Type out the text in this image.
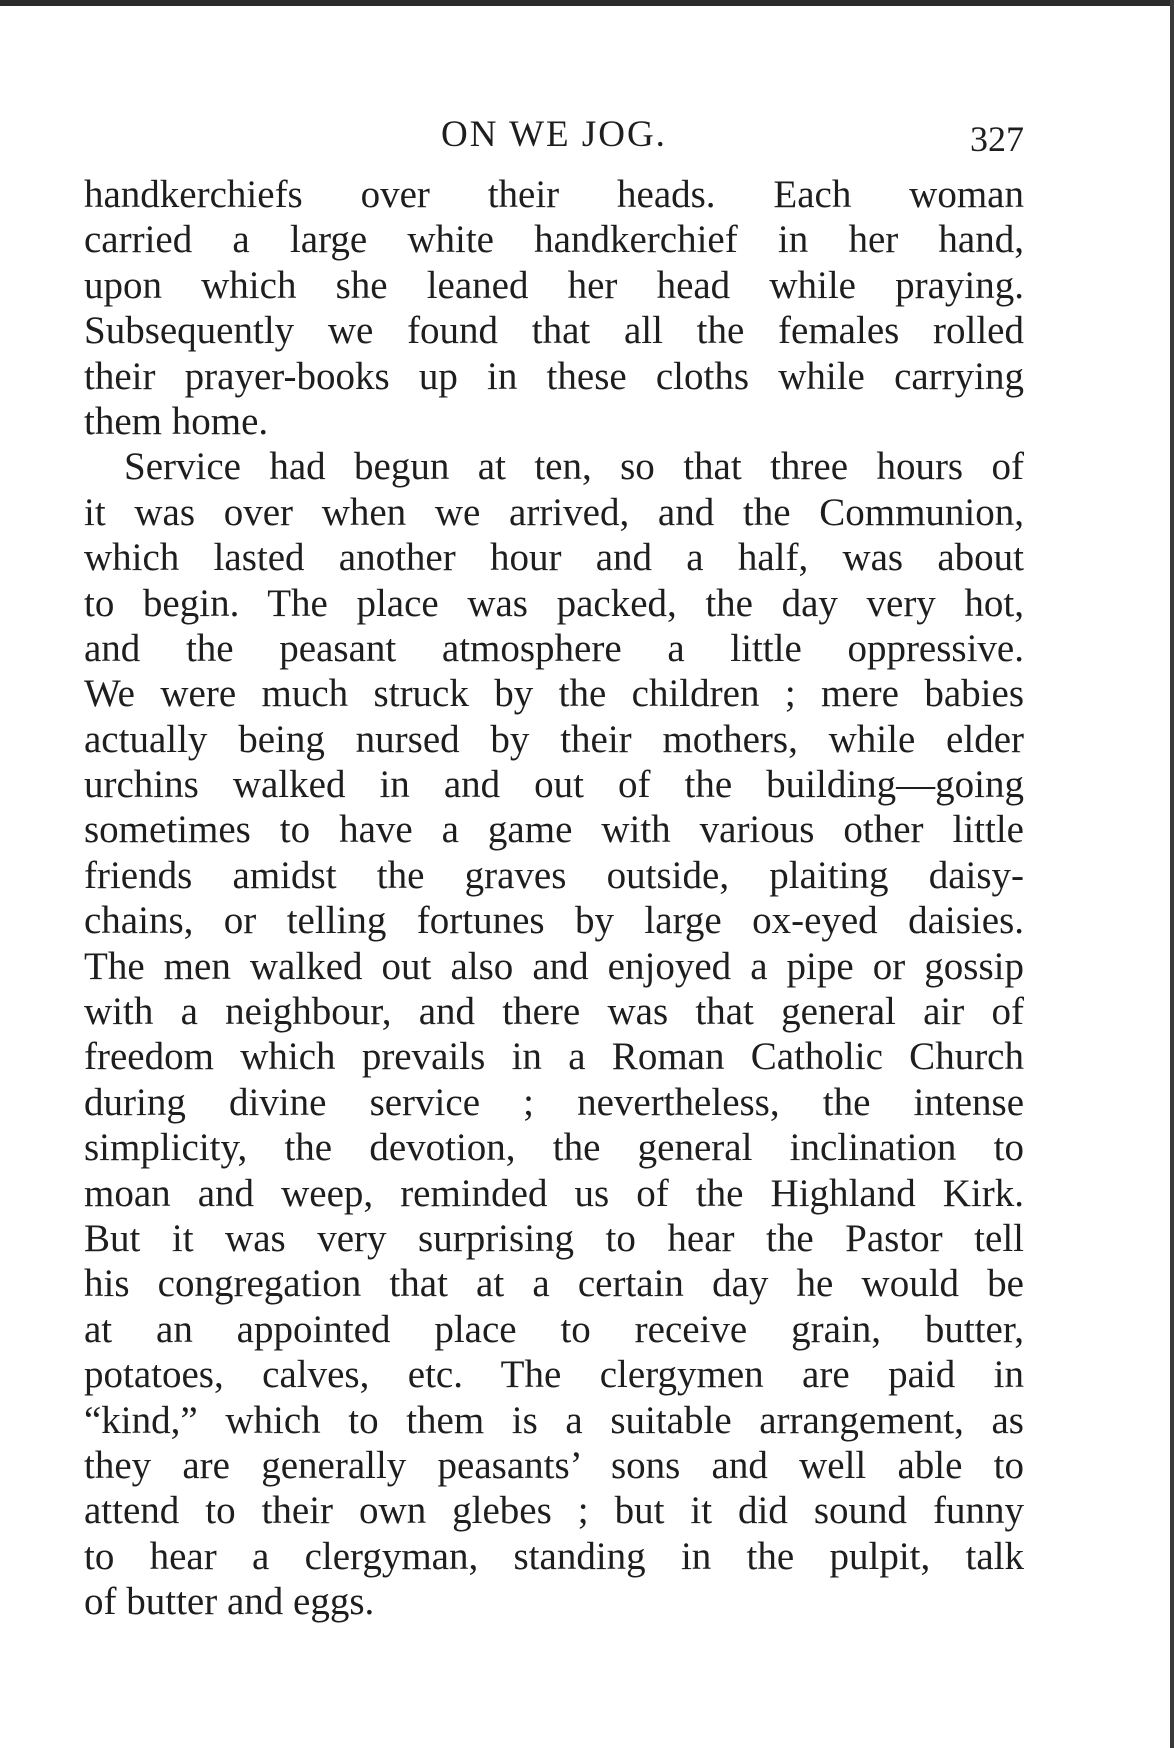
ON WE JOG.	327
handkerchiefs over their heads. Each woman
carried a large white handkerchief in her hand,
upon which she leaned her head while praying.
Subsequently we found that all the females rolled
their prayer-books up in these cloths while carrying
them home.
Service had begun at ten, so that three hours of
it was over when we arrived, and the Communion,
which lasted another hour and a half, was about
to begin. The place was packed, the day very hot,
and the peasant atmosphere a little oppressive.
We were much struck by the children ; mere babies
actually being nursed by their mothers, while elder
urchins walked in and out of the building—going
sometimes to have a game with various other little
friends amidst the graves outside, plaiting daisy-
chains, or telling fortunes by large ox-eyed daisies.
The men walked out also and enjoyed a pipe or gossip
with a neighbour, and there was that general air of
freedom which prevails in a Roman Catholic Church
during divine service ; nevertheless, the intense
simplicity, the devotion, the general inclination to
moan and weep, reminded us of the Highland Kirk.
But it was very surprising to hear the Pastor tell
his congregation that at a certain day he would be
at an appointed place to receive grain, butter,
potatoes, calves, etc. The clergymen are paid in
“kind,” which to them is a suitable arrangement, as
they are generally peasants’ sons and well able to
attend to their own glebes ; but it did sound funny
to hear a clergyman, standing in the pulpit, talk
of butter and eggs.
